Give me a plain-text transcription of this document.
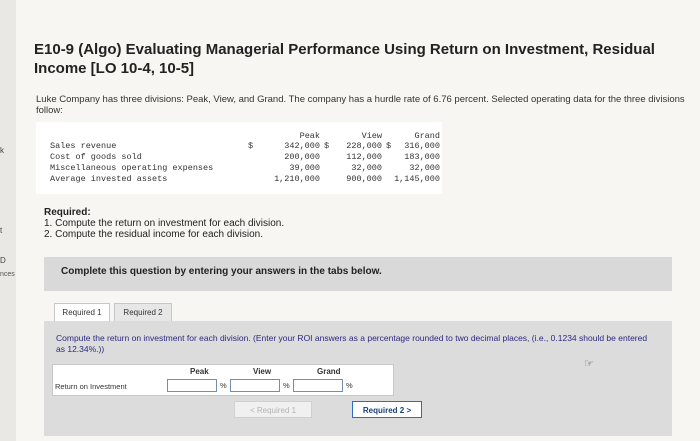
k
t
D
nces
E10-9 (Algo) Evaluating Managerial Performance Using Return on Investment, Residual Income [LO 10-4, 10-5]
Luke Company has three divisions: Peak, View, and Grand. The company has a hurdle rate of 6.76 percent. Selected operating data for the three divisions follow:
Peak	View	Grand
Sales revenue	$	342,000 $	228,000 $	316,000
Cost of goods sold	200,000	112,000	183,000
Miscellaneous operating expenses	39,000	32,000	32,000
Average invested assets	1,210,000	900,000 1,145,000
Required:
1. Compute the return on investment for each division.
2. Compute the residual income for each division.
Complete this question by entering your answers in the tabs below.
Required 1	Required 2
Compute the return on investment for each division. (Enter your ROI answers as a percentage rounded to two decimal places, (i.e., 0.1234 should be entered as 12.34%.))
☞
Peak	View	Grand
Return on Investment	%	%	%
< Required 1	Required 2 >
